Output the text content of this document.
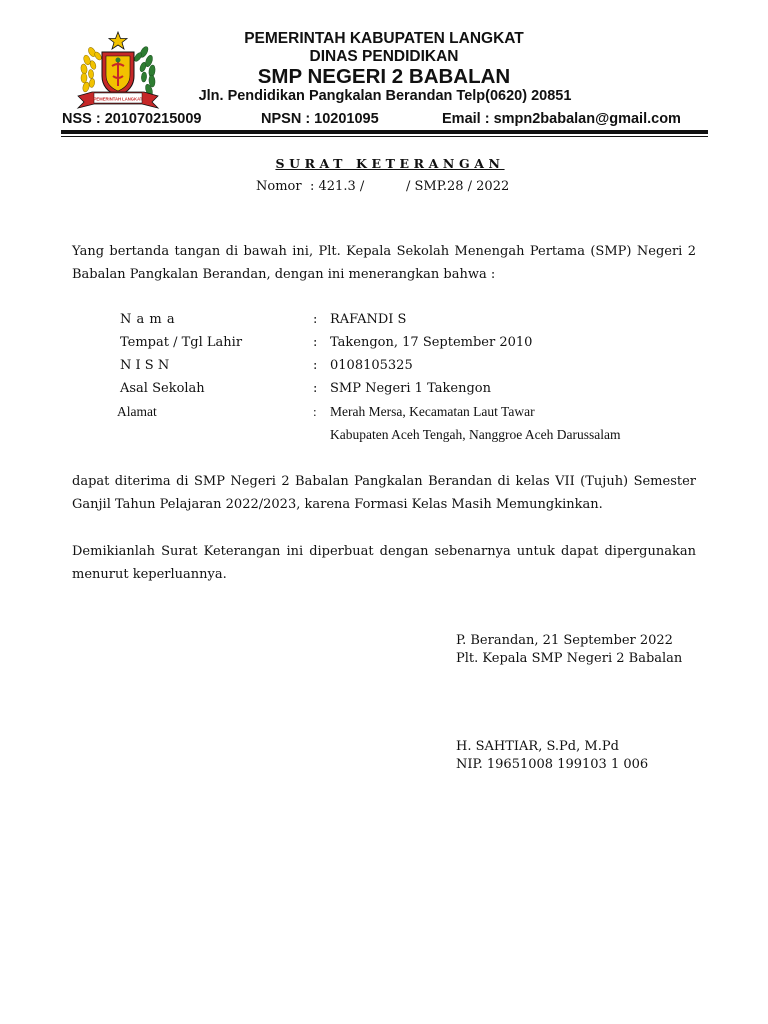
PEMERINTAH LANGKAT
PEMERINTAH KABUPATEN LANGKAT
DINAS PENDIDIKAN
SMP NEGERI 2 BABALAN
Jln. Pendidikan Pangkalan Berandan Telp(0620) 20851
NSS : 201070215009	NPSN : 10201095	Email : smpn2babalan@gmail.com
SURAT KETERANGAN
Nomor : 421.3 /	/ SMP.28 / 2022
Yang bertanda tangan di bawah ini, Plt. Kepala Sekolah Menengah Pertama (SMP) Negeri 2 Babalan Pangkalan Berandan, dengan ini menerangkan bahwa :
N a m a	: RAFANDI S
Tempat / Tgl Lahir	: Takengon, 17 September 2010
N I S N	: 0108105325
Asal Sekolah	: SMP Negeri 1 Takengon
Alamat	: Merah Mersa, Kecamatan Laut Tawar
Kabupaten Aceh Tengah, Nanggroe Aceh Darussalam
dapat diterima di SMP Negeri 2 Babalan Pangkalan Berandan di kelas VII (Tujuh) Semester Ganjil Tahun Pelajaran 2022/2023, karena Formasi Kelas Masih Memungkinkan.
Demikianlah Surat Keterangan ini diperbuat dengan sebenarnya untuk dapat dipergunakan menurut keperluannya.
P. Berandan, 21 September 2022
Plt. Kepala SMP Negeri 2 Babalan
H. SAHTIAR, S.Pd, M.Pd
NIP. 19651008 199103 1 006
